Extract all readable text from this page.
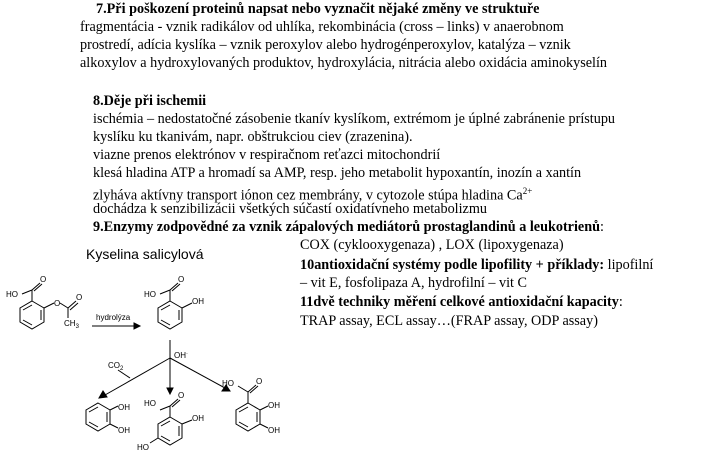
7.Při poškození proteinů napsat nebo vyznačit nějaké změny ve struktuře
fragmentácia - vznik radikálov od uhlíka, rekombinácia (cross – links) v anaerobnom
prostredí, adícia kyslíka – vznik peroxylov alebo hydrogénperoxylov, katalýza – vznik
alkoxylov a hydroxylovaných produktov, hydroxylácia, nitrácia alebo oxidácia aminokyselín
8.Děje při ischemii
ischémia – nedostatočné zásobenie tkanív kyslíkom, extrémom je úplné zabránenie prístupu
kyslíku ku tkanivám, napr. obštrukciou ciev (zrazenina).
viazne prenos elektrónov v respiračnom reťazci mitochondrií
klesá hladina ATP a hromadí sa AMP, resp. jeho metabolit hypoxantín, inozín a xantín
zlyháva aktívny transport iónon cez membrány, v cytozole stúpa hladina $Ca^{2+}$
dochádza k senzibilizácii všetkých súčastí oxidatívneho metabolizmu
9.Enzymy zodpovědné za vznik zápalových mediátorů prostaglandinů a leukotrienů:
COX (cyklooxygenaza) , LOX (lipoxygenaza)
10antioxidační systémy podle lipofility + příklady: lipofilní
– vit E, fosfolipaza A, hydrofilní – vit C
11dvě techniky měření celkové antioxidační kapacity:
TRAP assay, ECL assay…(FRAP assay, ODP assay)
Kyselina salicylová
HO
O
O
O
$CH_3$
hydrolýza
HO
O
OH
OH·
$CO_2$
OH
OH
HO
O
OH
HO
HO	O
OH
OH
